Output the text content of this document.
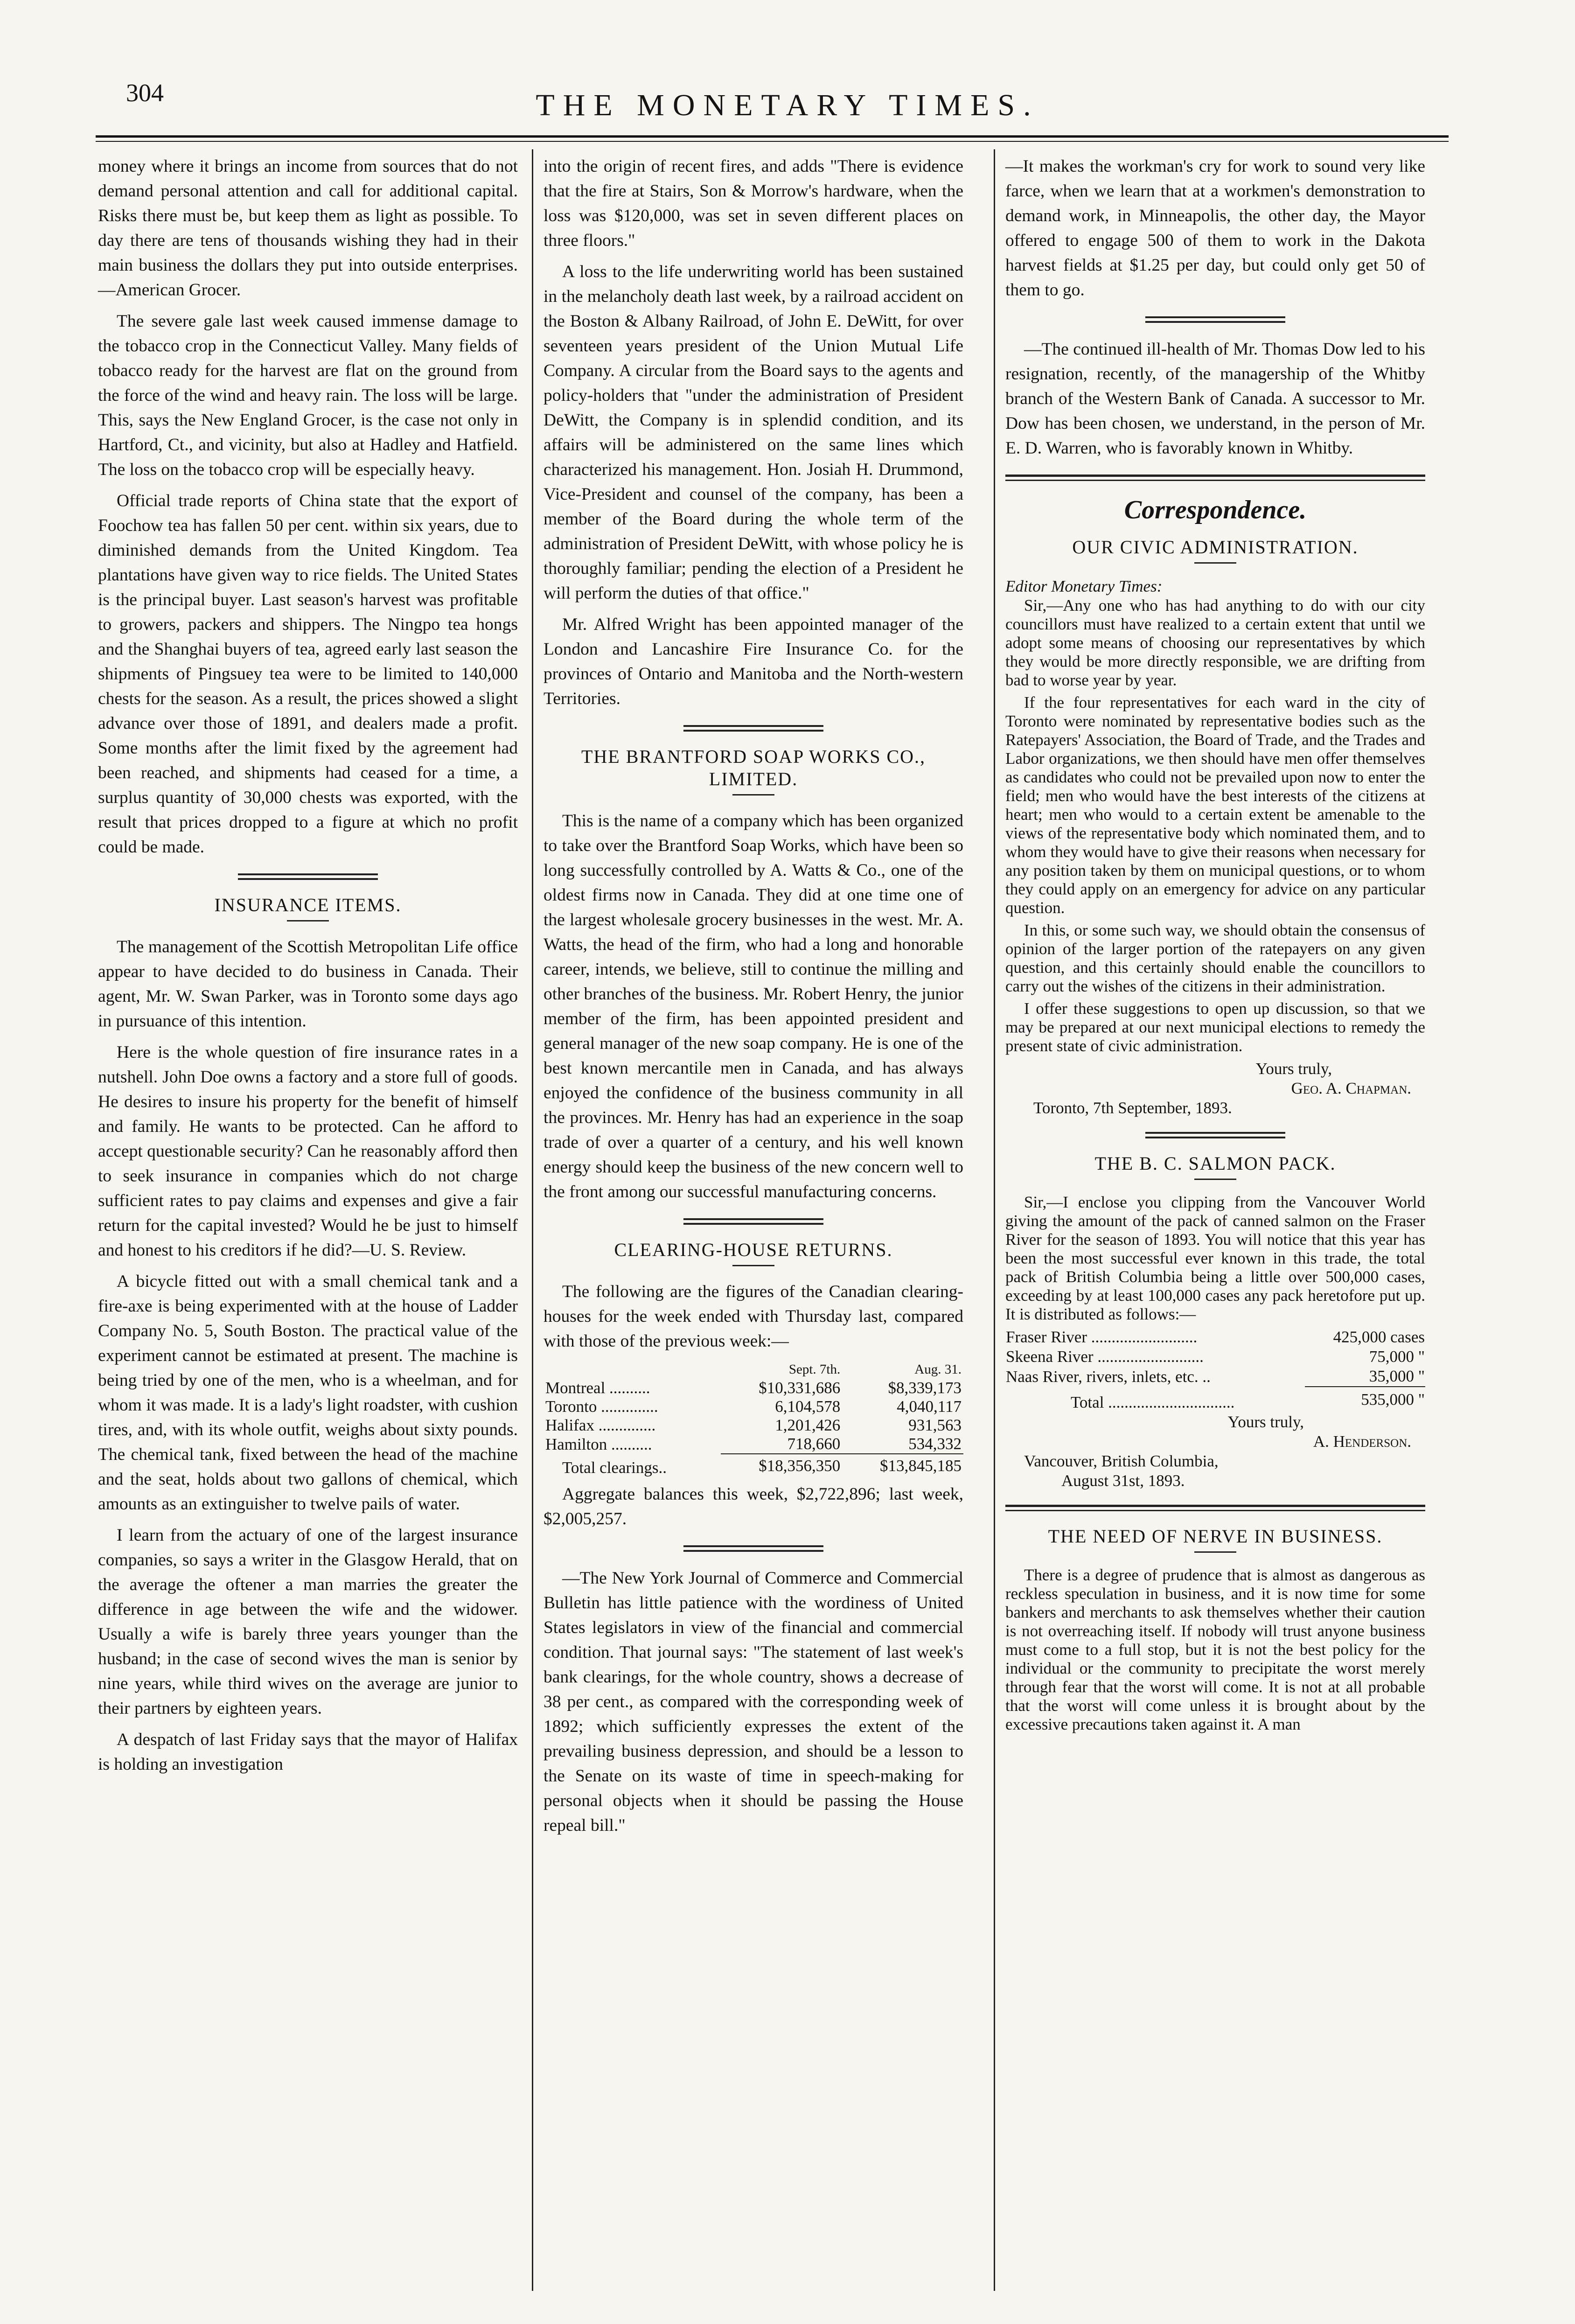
304	THE MONETARY TIMES.

money where it brings an income from sources that do not demand personal attention and call for additional capital. Risks there must be, but keep them as light as possible. To day there are tens of thousands wishing they had in their main business the dollars they put into outside enterprises.—American Grocer.

The severe gale last week caused immense damage to the tobacco crop in the Connecticut Valley. Many fields of tobacco ready for the harvest are flat on the ground from the force of the wind and heavy rain. The loss will be large. This, says the New England Grocer, is the case not only in Hartford, Ct., and vicinity, but also at Hadley and Hatfield. The loss on the tobacco crop will be especially heavy.

Official trade reports of China state that the export of Foochow tea has fallen 50 per cent. within six years, due to diminished demands from the United Kingdom. Tea plantations have given way to rice fields. The United States is the principal buyer. Last season's harvest was profitable to growers, packers and shippers. The Ningpo tea hongs and the Shanghai buyers of tea, agreed early last season the shipments of Pingsuey tea were to be limited to 140,000 chests for the season. As a result, the prices showed a slight advance over those of 1891, and dealers made a profit. Some months after the limit fixed by the agreement had been reached, and shipments had ceased for a time, a surplus quantity of 30,000 chests was exported, with the result that prices dropped to a figure at which no profit could be made.

INSURANCE ITEMS.

The management of the Scottish Metropolitan Life office appear to have decided to do business in Canada. Their agent, Mr. W. Swan Parker, was in Toronto some days ago in pursuance of this intention.

Here is the whole question of fire insurance rates in a nutshell. John Doe owns a factory and a store full of goods. He desires to insure his property for the benefit of himself and family. He wants to be protected. Can he afford to accept questionable security? Can he reasonably afford then to seek insurance in companies which do not charge sufficient rates to pay claims and expenses and give a fair return for the capital invested? Would he be just to himself and honest to his creditors if he did?—U. S. Review.

A bicycle fitted out with a small chemical tank and a fire-axe is being experimented with at the house of Ladder Company No. 5, South Boston. The practical value of the experiment cannot be estimated at present. The machine is being tried by one of the men, who is a wheelman, and for whom it was made. It is a lady's light roadster, with cushion tires, and, with its whole outfit, weighs about sixty pounds. The chemical tank, fixed between the head of the machine and the seat, holds about two gallons of chemical, which amounts as an extinguisher to twelve pails of water.

I learn from the actuary of one of the largest insurance companies, so says a writer in the Glasgow Herald, that on the average the oftener a man marries the greater the difference in age between the wife and the widower. Usually a wife is barely three years younger than the husband; in the case of second wives the man is senior by nine years, while third wives on the average are junior to their partners by eighteen years.

A despatch of last Friday says that the mayor of Halifax is holding an investigation

into the origin of recent fires, and adds "There is evidence that the fire at Stairs, Son & Morrow's hardware, when the loss was $120,000, was set in seven different places on three floors."

A loss to the life underwriting world has been sustained in the melancholy death last week, by a railroad accident on the Boston & Albany Railroad, of John E. DeWitt, for over seventeen years president of the Union Mutual Life Company. A circular from the Board says to the agents and policy-holders that "under the administration of President DeWitt, the Company is in splendid condition, and its affairs will be administered on the same lines which characterized his management. Hon. Josiah H. Drummond, Vice-President and counsel of the company, has been a member of the Board during the whole term of the administration of President DeWitt, with whose policy he is thoroughly familiar; pending the election of a President he will perform the duties of that office."

Mr. Alfred Wright has been appointed manager of the London and Lancashire Fire Insurance Co. for the provinces of Ontario and Manitoba and the North-western Territories.

THE BRANTFORD SOAP WORKS CO., LIMITED.

This is the name of a company which has been organized to take over the Brantford Soap Works, which have been so long successfully controlled by A. Watts & Co., one of the oldest firms now in Canada. They did at one time one of the largest wholesale grocery businesses in the west. Mr. A. Watts, the head of the firm, who had a long and honorable career, intends, we believe, still to continue the milling and other branches of the business. Mr. Robert Henry, the junior member of the firm, has been appointed president and general manager of the new soap company. He is one of the best known mercantile men in Canada, and has always enjoyed the confidence of the business community in all the provinces. Mr. Henry has had an experience in the soap trade of over a quarter of a century, and his well known energy should keep the business of the new concern well to the front among our successful manufacturing concerns.

CLEARING-HOUSE RETURNS.

The following are the figures of the Canadian clearing-houses for the week ended with Thursday last, compared with those of the previous week:—

	Sept. 7th.	Aug. 31.
Montreal ..........	$10,331,686	$8,339,173
Toronto ..............	6,104,578	4,040,117
Halifax ..............	1,201,426	931,563
Hamilton ..........	718,660	534,332
Total clearings..	$18,356,350	$13,845,185

Aggregate balances this week, $2,722,896; last week, $2,005,257.

—The New York Journal of Commerce and Commercial Bulletin has little patience with the wordiness of United States legislators in view of the financial and commercial condition. That journal says: "The statement of last week's bank clearings, for the whole country, shows a decrease of 38 per cent., as compared with the corresponding week of 1892; which sufficiently expresses the extent of the prevailing business depression, and should be a lesson to the Senate on its waste of time in speech-making for personal objects when it should be passing the House repeal bill."

—It makes the workman's cry for work to sound very like farce, when we learn that at a workmen's demonstration to demand work, in Minneapolis, the other day, the Mayor offered to engage 500 of them to work in the Dakota harvest fields at $1.25 per day, but could only get 50 of them to go.

—The continued ill-health of Mr. Thomas Dow led to his resignation, recently, of the managership of the Whitby branch of the Western Bank of Canada. A successor to Mr. Dow has been chosen, we understand, in the person of Mr. E. D. Warren, who is favorably known in Whitby.

Correspondence.
OUR CIVIC ADMINISTRATION.
Editor Monetary Times:

Sir,—Any one who has had anything to do with our city councillors must have realized to a certain extent that until we adopt some means of choosing our representatives by which they would be more directly responsible, we are drifting from bad to worse year by year.

If the four representatives for each ward in the city of Toronto were nominated by representative bodies such as the Ratepayers' Association, the Board of Trade, and the Trades and Labor organizations, we then should have men offer themselves as candidates who could not be prevailed upon now to enter the field; men who would have the best interests of the citizens at heart; men who would to a certain extent be amenable to the views of the representative body which nominated them, and to whom they would have to give their reasons when necessary for any position taken by them on municipal questions, or to whom they could apply on an emergency for advice on any particular question.

In this, or some such way, we should obtain the consensus of opinion of the larger portion of the ratepayers on any given question, and this certainly should enable the councillors to carry out the wishes of the citizens in their administration.

I offer these suggestions to open up discussion, so that we may be prepared at our next municipal elections to remedy the present state of civic administration.

Yours truly,
Geo. A. Chapman.
Toronto, 7th September, 1893.
THE B. C. SALMON PACK.

Sir,—I enclose you clipping from the Vancouver World giving the amount of the pack of canned salmon on the Fraser River for the season of 1893. You will notice that this year has been the most successful ever known in this trade, the total pack of British Columbia being a little over 500,000 cases, exceeding by at least 100,000 cases any pack heretofore put up. It is distributed as follows:—

Fraser River ..........................	425,000 cases
Skeena River ..........................	75,000 "
Naas River, rivers, inlets, etc. ..	35,000 "
Total ...............................	535,000 "
Yours truly,
A. Henderson.
Vancouver, British Columbia,
August 31st, 1893.
THE NEED OF NERVE IN BUSINESS.

There is a degree of prudence that is almost as dangerous as reckless speculation in business, and it is now time for some bankers and merchants to ask themselves whether their caution is not overreaching itself. If nobody will trust anyone business must come to a full stop, but it is not the best policy for the individual or the community to precipitate the worst merely through fear that the worst will come. It is not at all probable that the worst will come unless it is brought about by the excessive precautions taken against it. A man
